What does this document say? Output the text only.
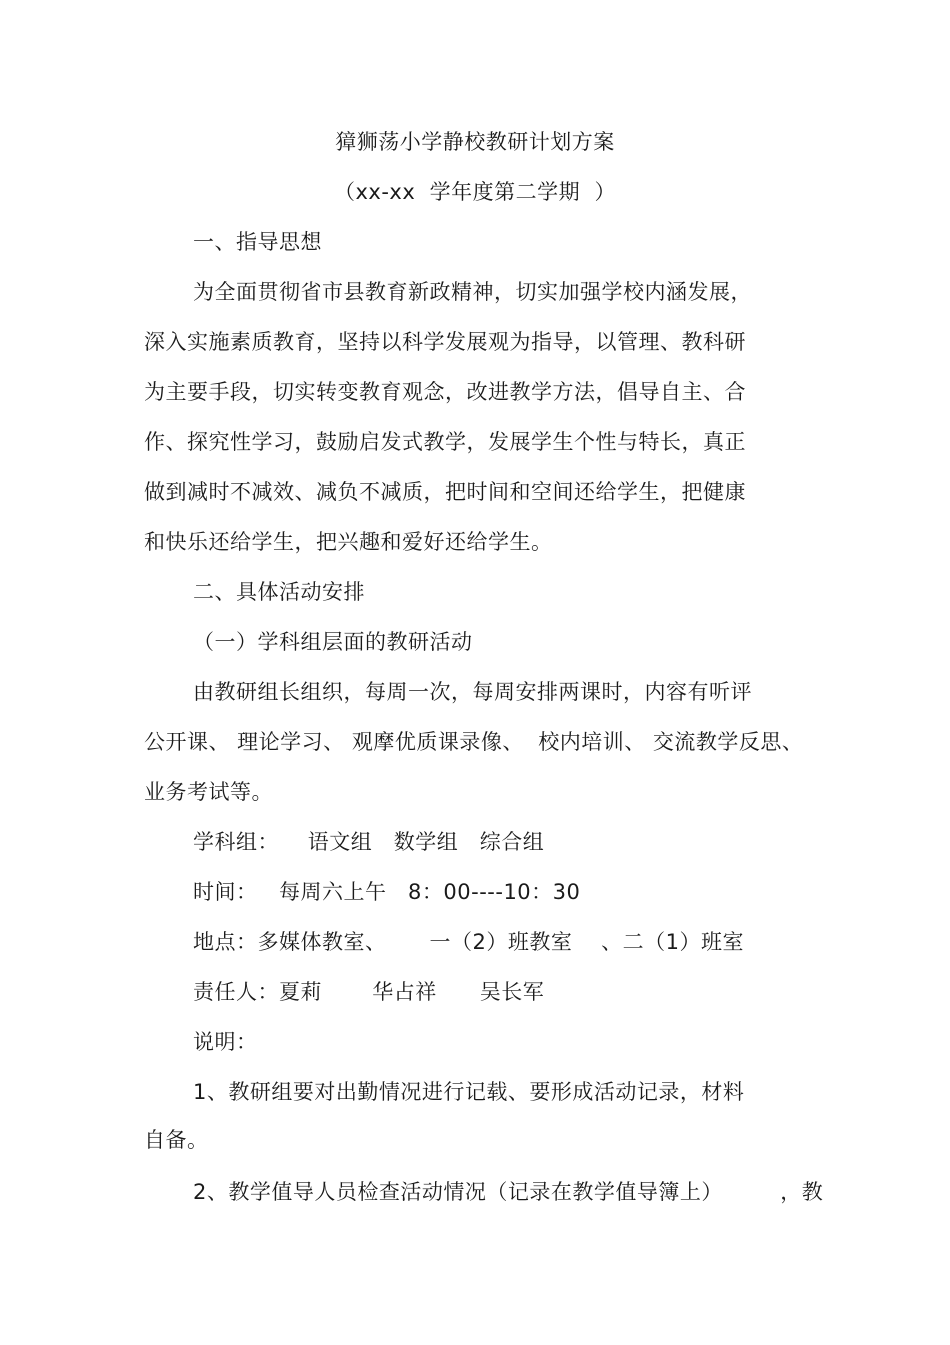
獐狮荡小学静校教研计划方案
（xx-xx  学年度第二学期  ）
一、指导思想
为全面贯彻省市县教育新政精神，切实加强学校内涵发展，
深入实施素质教育，坚持以科学发展观为指导，以管理、教科研
为主要手段，切实转变教育观念，改进教学方法，倡导自主、合
作、探究性学习，鼓励启发式教学，发展学生个性与特长，真正
做到减时不减效、减负不减质，把时间和空间还给学生，把健康
和快乐还给学生，把兴趣和爱好还给学生。
二、具体活动安排
（一）学科组层面的教研活动
由教研组长组织，每周一次，每周安排两课时，内容有听评
公开课、 理论学习、 观摩优质课录像、  校内培训、 交流教学反思、
业务考试等。
学科组：    语文组   数学组   综合组
时间：   每周六上午   8：00----10：30
地点：多媒体教室、      一（2）班教室    、二（1）班室
责任人：夏莉       华占祥      吴长军
说明：
1、教研组要对出勤情况进行记载、要形成活动记录，材料
自备。
2、教学值导人员检查活动情况（记录在教学值导簿上）        ，教
